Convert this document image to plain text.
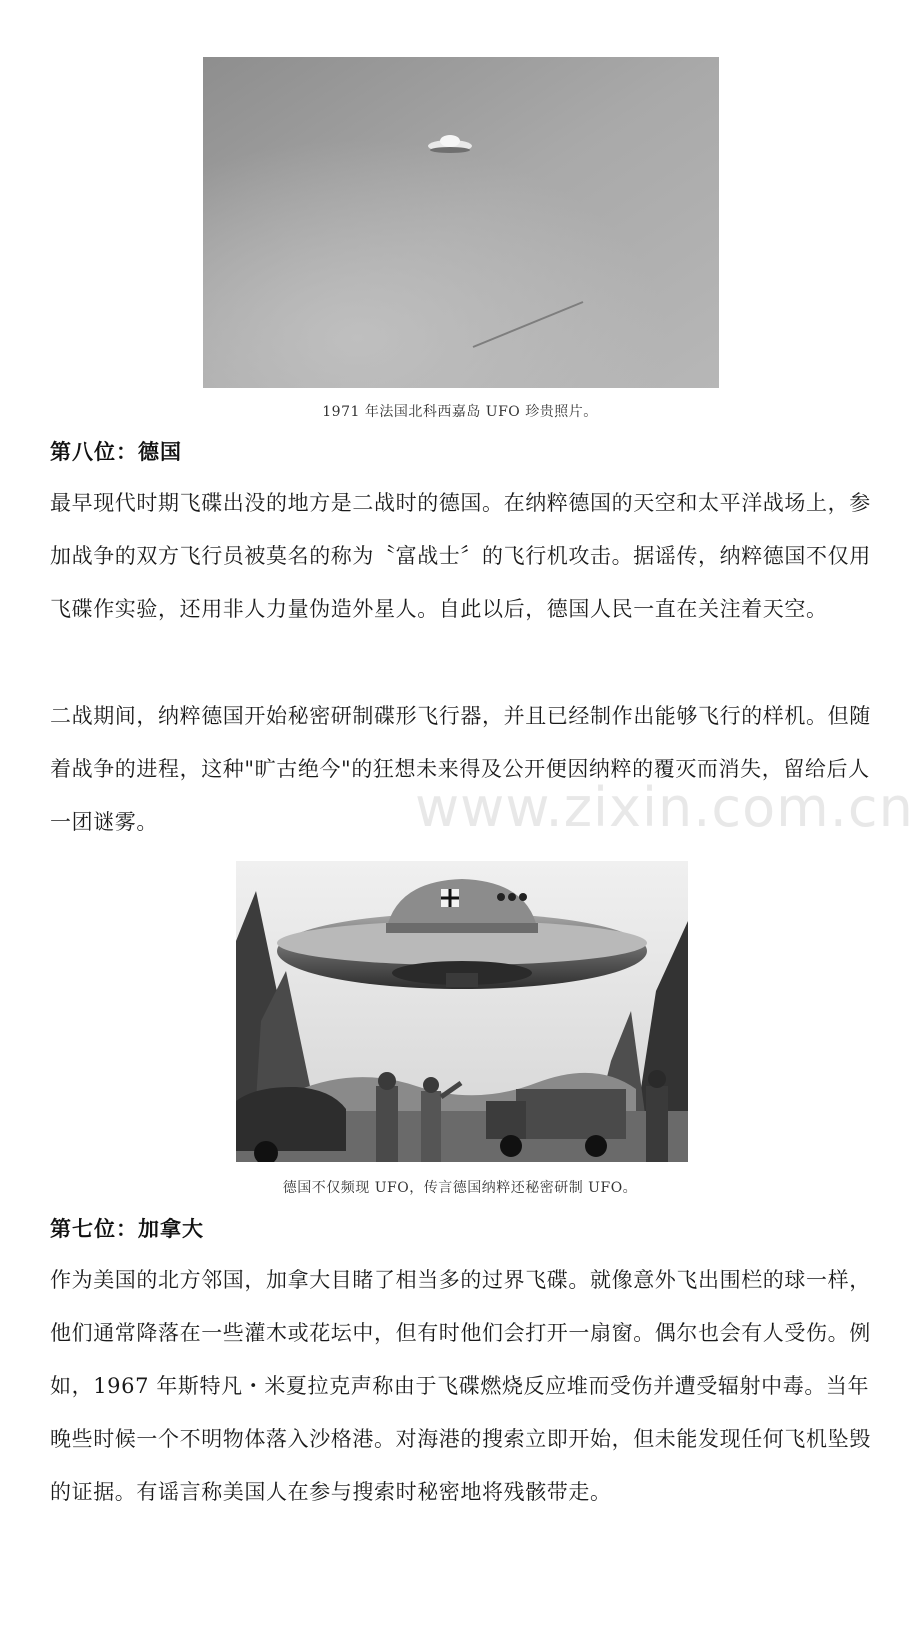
1971 年法国北科西嘉岛 UFO 珍贵照片。
第八位：德国

最早现代时期飞碟出没的地方是二战时的德国。在纳粹德国的天空和太平洋战场上，参加战争的双方飞行员被莫名的称为〝富战士〞的飞行机攻击。据谣传，纳粹德国不仅用飞碟作实验，还用非人力量伪造外星人。自此以后，德国人民一直在关注着天空。

二战期间，纳粹德国开始秘密研制碟形飞行器，并且已经制作出能够飞行的样机。但随着战争的进程，这种"旷古绝今"的狂想未来得及公开便因纳粹的覆灭而消失，留给后人一团谜雾。	www.zixin.com.cn
德国不仅频现 UFO，传言德国纳粹还秘密研制 UFO。
第七位：加拿大

作为美国的北方邻国，加拿大目睹了相当多的过界飞碟。就像意外飞出围栏的球一样，他们通常降落在一些灌木或花坛中，但有时他们会打开一扇窗。偶尔也会有人受伤。例如，1967 年斯特凡・米夏拉克声称由于飞碟燃烧反应堆而受伤并遭受辐射中毒。当年晚些时候一个不明物体落入沙格港。对海港的搜索立即开始，但未能发现任何飞机坠毁的证据。有谣言称美国人在参与搜索时秘密地将残骸带走。
